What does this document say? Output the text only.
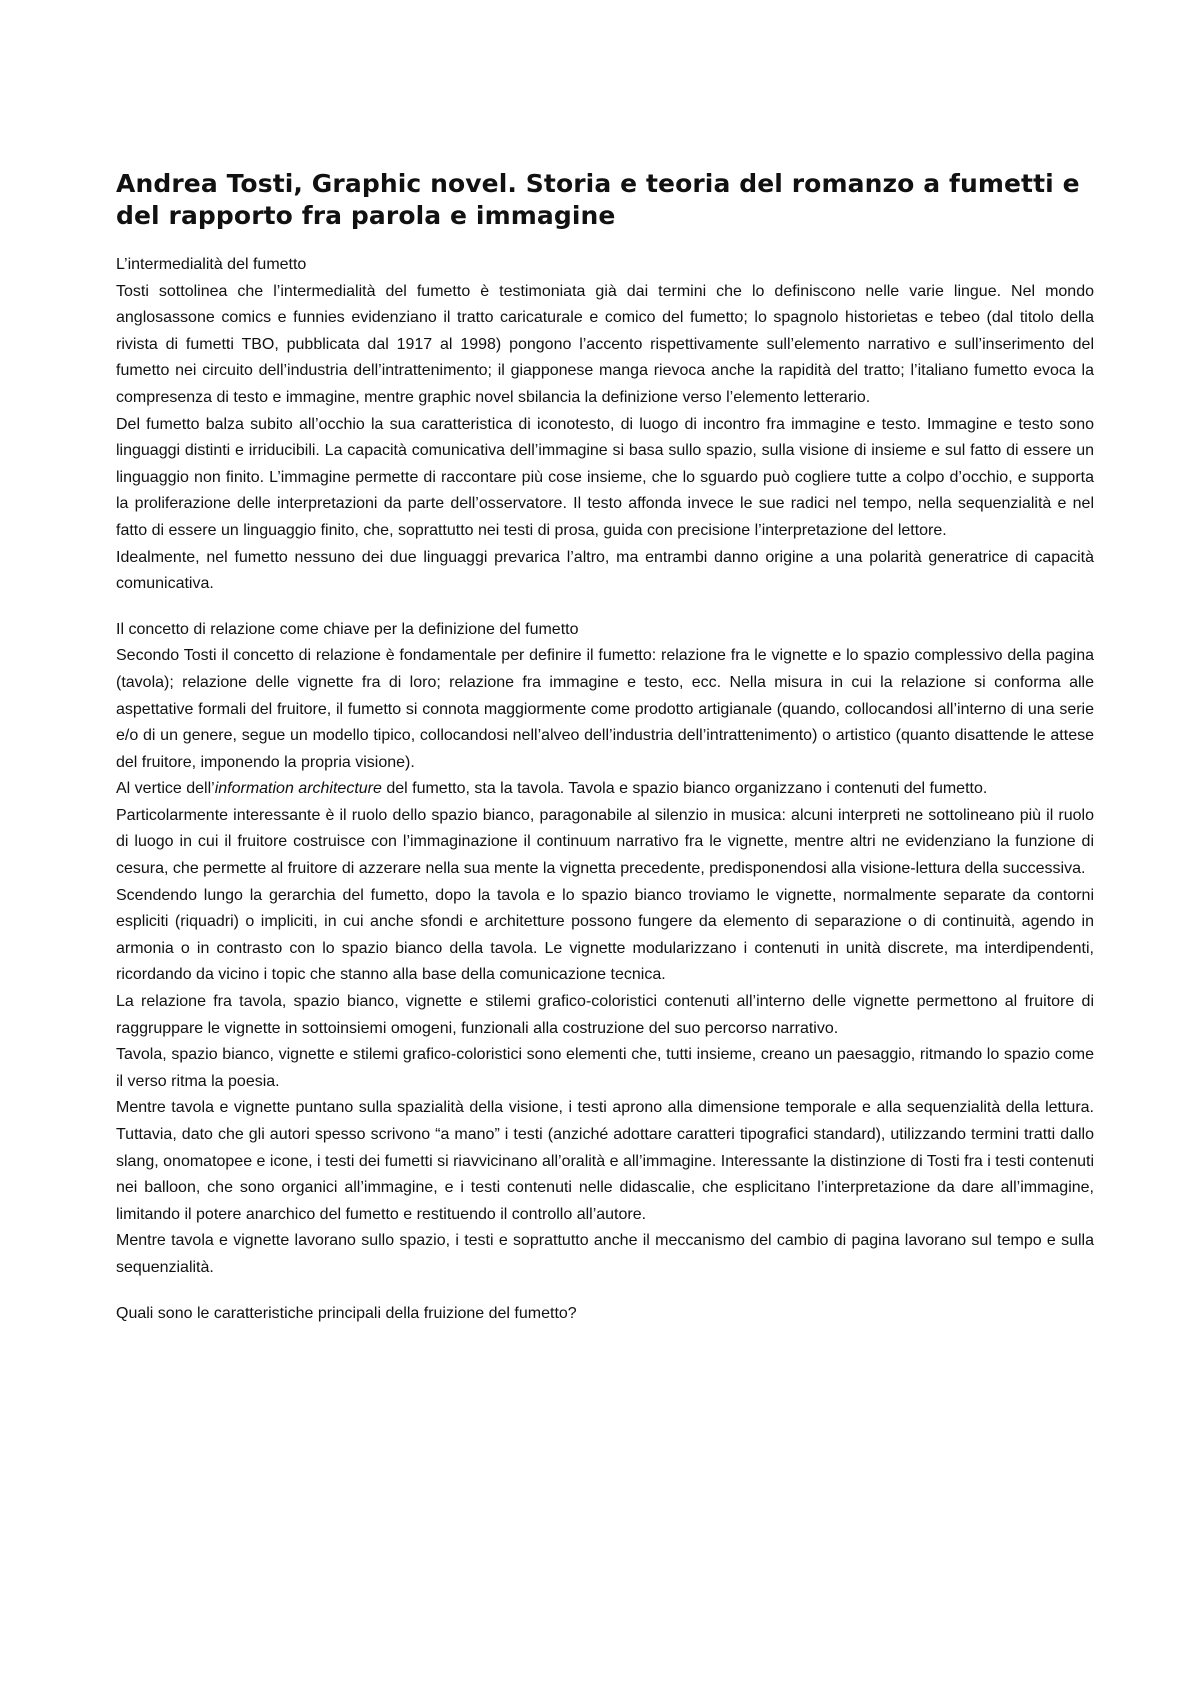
Andrea Tosti, Graphic novel. Storia e teoria del romanzo a fumetti e del rapporto fra parola e immagine

L’intermedialità del fumetto

Tosti sottolinea che l’intermedialità del fumetto è testimoniata già dai termini che lo definiscono nelle varie lingue. Nel mondo anglosassone comics e funnies evidenziano il tratto caricaturale e comico del fumetto; lo spagnolo historietas e tebeo (dal titolo della rivista di fumetti TBO, pubblicata dal 1917 al 1998) pongono l’accento rispettivamente sull’elemento narrativo e sull’inserimento del fumetto nei circuito dell’industria dell’intrattenimento; il giapponese manga rievoca anche la rapidità del tratto; l’italiano fumetto evoca la compresenza di testo e immagine, mentre graphic novel sbilancia la definizione verso l’elemento letterario.

Del fumetto balza subito all’occhio la sua caratteristica di iconotesto, di luogo di incontro fra immagine e testo. Immagine e testo sono linguaggi distinti e irriducibili. La capacità comunicativa dell’immagine si basa sullo spazio, sulla visione di insieme e sul fatto di essere un linguaggio non finito. L’immagine permette di raccontare più cose insieme, che lo sguardo può cogliere tutte a colpo d’occhio, e supporta la proliferazione delle interpretazioni da parte dell’osservatore. Il testo affonda invece le sue radici nel tempo, nella sequenzialità e nel fatto di essere un linguaggio finito, che, soprattutto nei testi di prosa, guida con precisione l’interpretazione del lettore.

Idealmente, nel fumetto nessuno dei due linguaggi prevarica l’altro, ma entrambi danno origine a una polarità generatrice di capacità comunicativa.

Il concetto di relazione come chiave per la definizione del fumetto

Secondo Tosti il concetto di relazione è fondamentale per definire il fumetto: relazione fra le vignette e lo spazio complessivo della pagina (tavola); relazione delle vignette fra di loro; relazione fra immagine e testo, ecc. Nella misura in cui la relazione si conforma alle aspettative formali del fruitore, il fumetto si connota maggiormente come prodotto artigianale (quando, collocandosi all’interno di una serie e/o di un genere, segue un modello tipico, collocandosi nell’alveo dell’industria dell’intrattenimento) o artistico (quanto disattende le attese del fruitore, imponendo la propria visione).

Al vertice dell’information architecture del fumetto, sta la tavola. Tavola e spazio bianco organizzano i contenuti del fumetto.

Particolarmente interessante è il ruolo dello spazio bianco, paragonabile al silenzio in musica: alcuni interpreti ne sottolineano più il ruolo di luogo in cui il fruitore costruisce con l’immaginazione il continuum narrativo fra le vignette, mentre altri ne evidenziano la funzione di cesura, che permette al fruitore di azzerare nella sua mente la vignetta precedente, predisponendosi alla visione-lettura della successiva.

Scendendo lungo la gerarchia del fumetto, dopo la tavola e lo spazio bianco troviamo le vignette, normalmente separate da contorni espliciti (riquadri) o impliciti, in cui anche sfondi e architetture possono fungere da elemento di separazione o di continuità, agendo in armonia o in contrasto con lo spazio bianco della tavola. Le vignette modularizzano i contenuti in unità discrete, ma interdipendenti, ricordando da vicino i topic che stanno alla base della comunicazione tecnica.

La relazione fra tavola, spazio bianco, vignette e stilemi grafico-coloristici contenuti all’interno delle vignette permettono al fruitore di raggruppare le vignette in sottoinsiemi omogeni, funzionali alla costruzione del suo percorso narrativo.

Tavola, spazio bianco, vignette e stilemi grafico-coloristici sono elementi che, tutti insieme, creano un paesaggio, ritmando lo spazio come il verso ritma la poesia.

Mentre tavola e vignette puntano sulla spazialità della visione, i testi aprono alla dimensione temporale e alla sequenzialità della lettura. Tuttavia, dato che gli autori spesso scrivono “a mano” i testi (anziché adottare caratteri tipografici standard), utilizzando termini tratti dallo slang, onomatopee e icone, i testi dei fumetti si riavvicinano all’oralità e all’immagine. Interessante la distinzione di Tosti fra i testi contenuti nei balloon, che sono organici all’immagine, e i testi contenuti nelle didascalie, che esplicitano l’interpretazione da dare all’immagine, limitando il potere anarchico del fumetto e restituendo il controllo all’autore.

Mentre tavola e vignette lavorano sullo spazio, i testi e soprattutto anche il meccanismo del cambio di pagina lavorano sul tempo e sulla sequenzialità.

Quali sono le caratteristiche principali della fruizione del fumetto?
